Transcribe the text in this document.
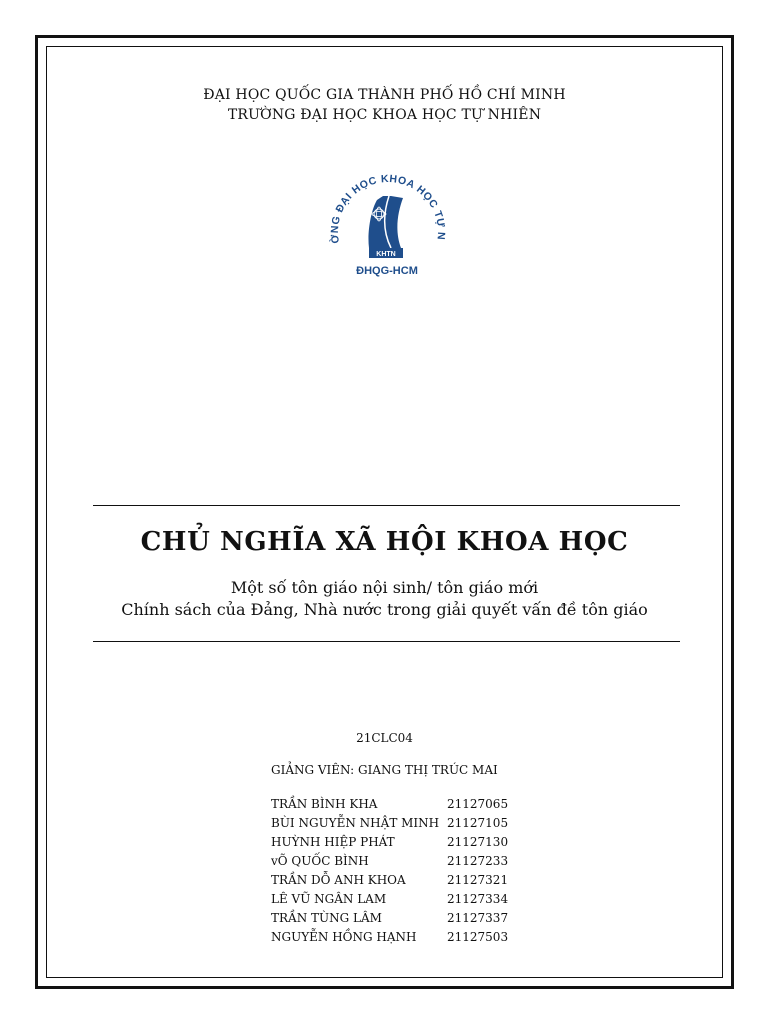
ĐẠI HỌC QUỐC GIA THÀNH PHỐ HỒ CHÍ MINH
TRƯỜNG ĐẠI HỌC KHOA HỌC TỰ NHIÊN
ỜNG ĐẠI HỌC KHOA HỌC TỰ N
KHTN
ĐHQG-HCM
CHỦ NGHĨA XÃ HỘI KHOA HỌC
Một số tôn giáo nội sinh/ tôn giáo mới
Chính sách của Đảng, Nhà nước trong giải quyết vấn đề tôn giáo
21CLC04
GIẢNG VIÊN: GIANG THỊ TRÚC MAI
TRẦN BÌNH KHA	21127065
BÙI NGUYỄN NHẬT MINH	21127105
HUỲNH HIỆP PHÁT	21127130
vÕ QUỐC BÌNH	21127233
TRẦN DỖ ANH KHOA	21127321
LÊ VŨ NGÂN LAM	21127334
TRẦN TÙNG LÂM	21127337
NGUYỄN HỒNG HẠNH	21127503
